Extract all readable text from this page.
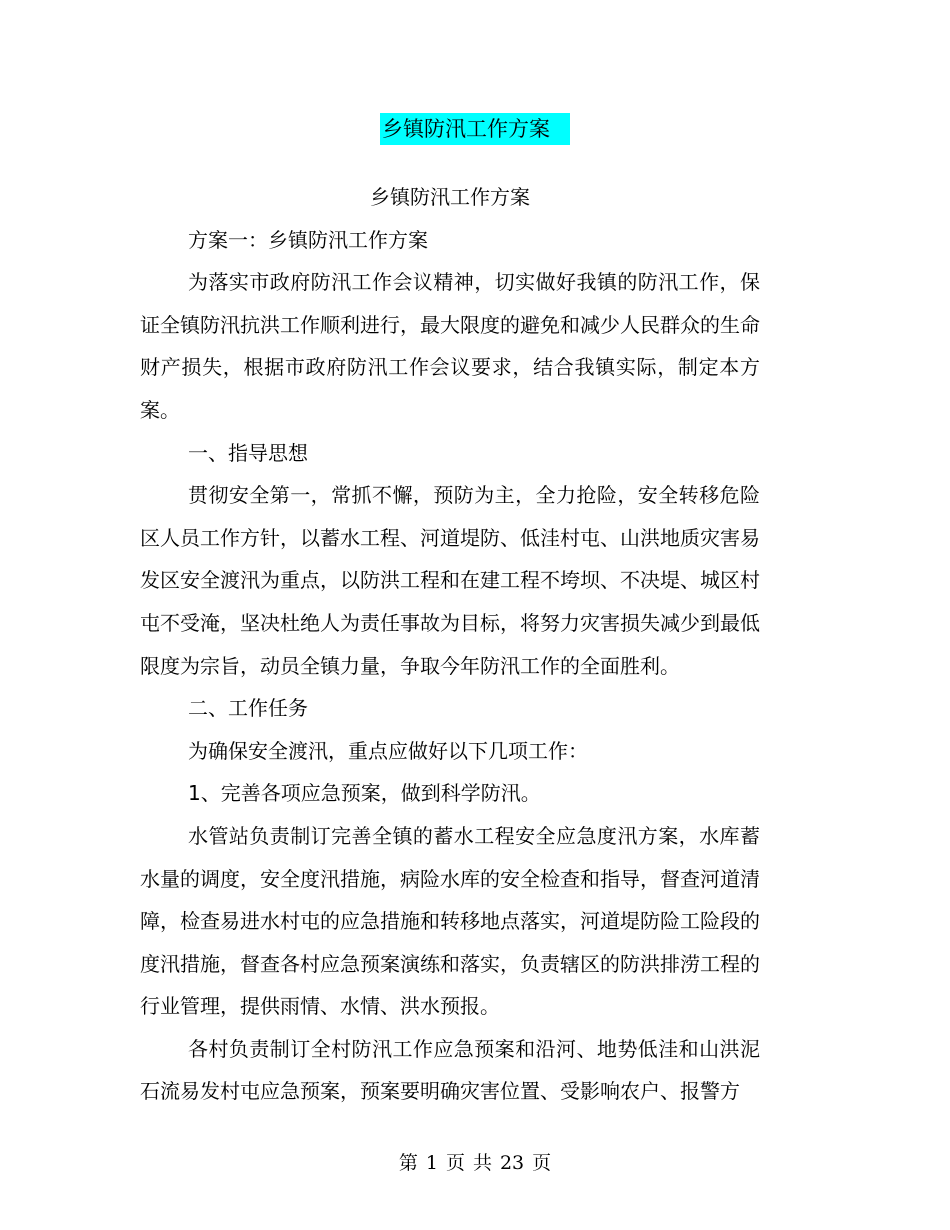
乡镇防汛工作方案

乡镇防汛工作方案

方案一：乡镇防汛工作方案

为落实市政府防汛工作会议精神，切实做好我镇的防汛工作，保证全镇防汛抗洪工作顺利进行，最大限度的避免和减少人民群众的生命财产损失，根据市政府防汛工作会议要求，结合我镇实际，制定本方案。

一、指导思想

贯彻安全第一，常抓不懈，预防为主，全力抢险，安全转移危险区人员工作方针，以蓄水工程、河道堤防、低洼村屯、山洪地质灾害易发区安全渡汛为重点，以防洪工程和在建工程不垮坝、不决堤、城区村屯不受淹，坚决杜绝人为责任事故为目标，将努力灾害损失减少到最低限度为宗旨，动员全镇力量，争取今年防汛工作的全面胜利。

二、工作任务

为确保安全渡汛，重点应做好以下几项工作：

1、完善各项应急预案，做到科学防汛。

水管站负责制订完善全镇的蓄水工程安全应急度汛方案，水库蓄水量的调度，安全度汛措施，病险水库的安全检查和指导，督查河道清障，检查易进水村屯的应急措施和转移地点落实，河道堤防险工险段的度汛措施，督查各村应急预案演练和落实，负责辖区的防洪排涝工程的行业管理，提供雨情、水情、洪水预报。

各村负责制订全村防汛工作应急预案和沿河、地势低洼和山洪泥石流易发村屯应急预案，预案要明确灾害位置、受影响农户、报警方

第 1 页 共 23 页
